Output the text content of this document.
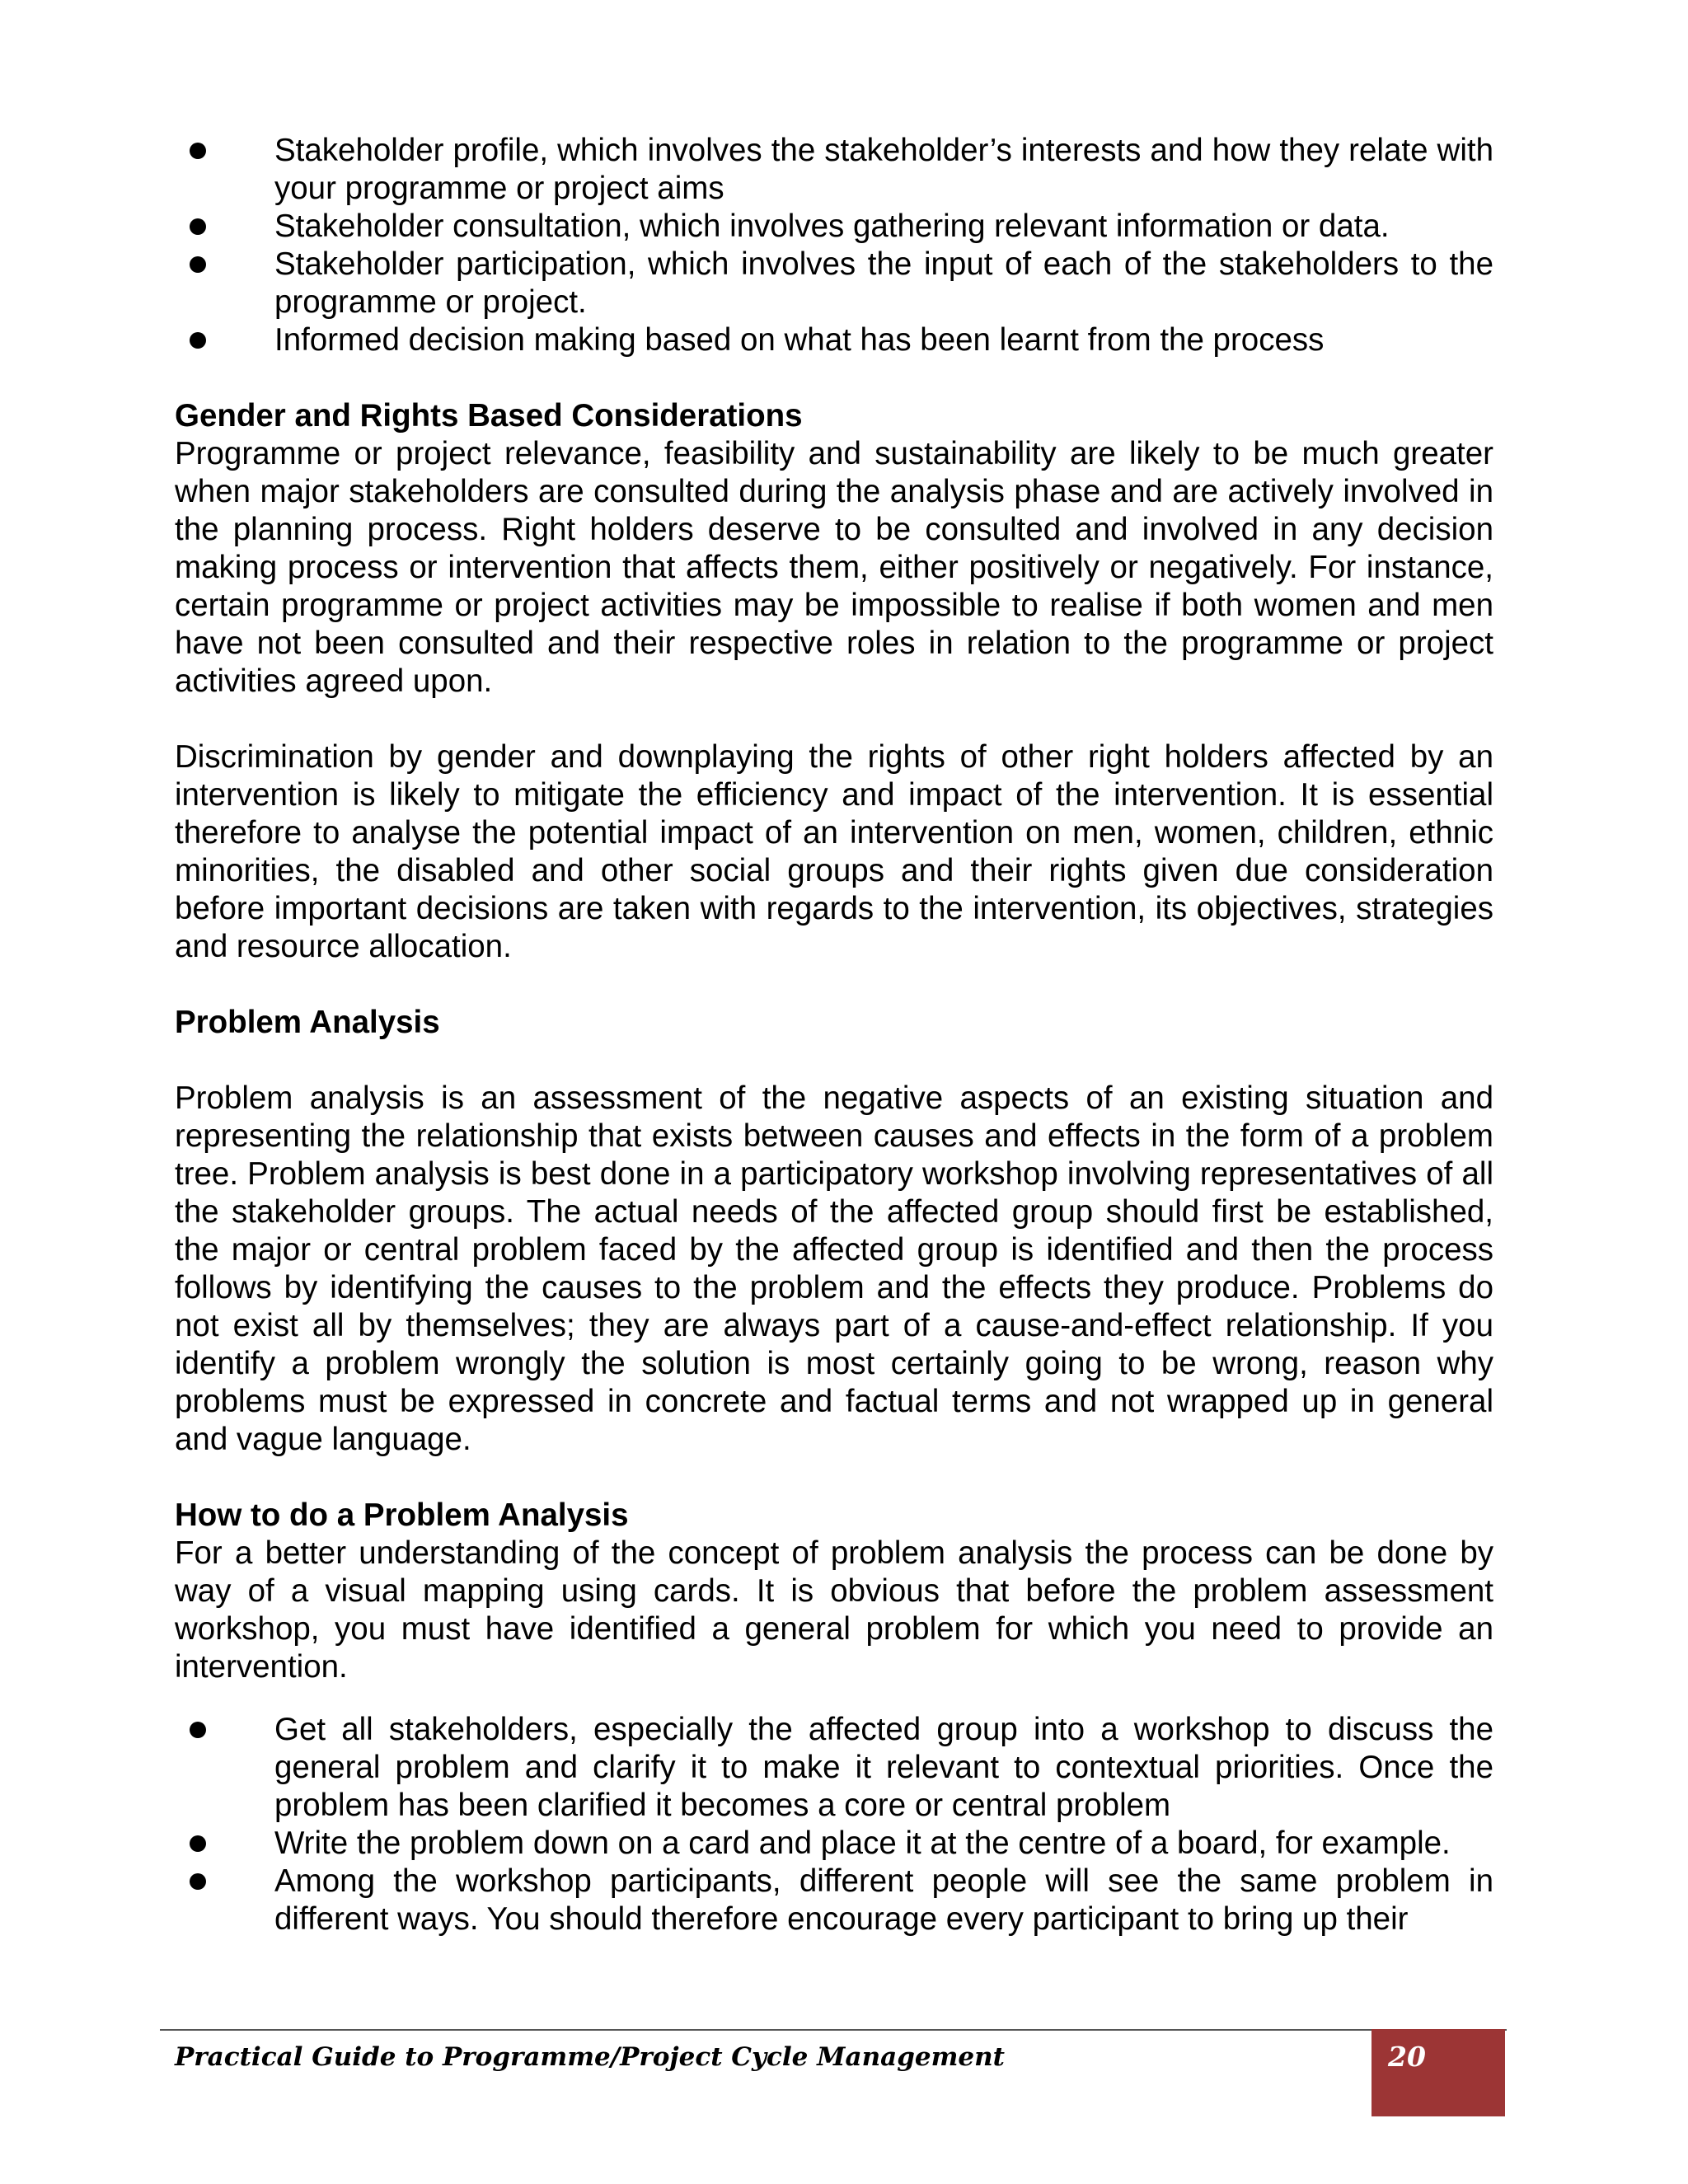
Stakeholder profile, which involves the stakeholder’s interests and how they relate with your programme or project aims
Stakeholder consultation, which involves gathering relevant information or data.
Stakeholder participation, which involves the input of each of the stakeholders to the programme or project.
Informed decision making based on what has been learnt from the process
Gender and Rights Based Considerations

Programme or project relevance, feasibility and sustainability are likely to be much greater when major stakeholders are consulted during the analysis phase and are actively involved in the planning process. Right holders deserve to be consulted and involved in any decision making process or intervention that affects them, either positively or negatively. For instance, certain programme or project activities may be impossible to realise if both women and men have not been consulted and their respective roles in relation to the programme or project activities agreed upon.

Discrimination by gender and downplaying the rights of other right holders affected by an intervention is likely to mitigate the efficiency and impact of the intervention. It is essential therefore to analyse the potential impact of an intervention on men, women, children, ethnic minorities, the disabled and other social groups and their rights given due consideration before important decisions are taken with regards to the intervention, its objectives, strategies and resource allocation.

Problem Analysis

Problem analysis is an assessment of the negative aspects of an existing situation and representing the relationship that exists between causes and effects in the form of a problem tree. Problem analysis is best done in a participatory workshop involving representatives of all the stakeholder groups. The actual needs of the affected group should first be established, the major or central problem faced by the affected group is identified and then the process follows by identifying the causes to the problem and the effects they produce. Problems do not exist all by themselves; they are always part of a cause-and-effect relationship. If you identify a problem wrongly the solution is most certainly going to be wrong, reason why problems must be expressed in concrete and factual terms and not wrapped up in general and vague language.

How to do a Problem Analysis

For a better understanding of the concept of problem analysis the process can be done by way of a visual mapping using cards. It is obvious that before the problem assessment workshop, you must have identified a general problem for which you need to provide an intervention.

Get all stakeholders, especially the affected group into a workshop to discuss the general problem and clarify it to make it relevant to contextual priorities. Once the problem has been clarified it becomes a core or central problem
Write the problem down on a card and place it at the centre of a board, for example.
Among the workshop participants, different people will see the same problem in different ways. You should therefore encourage every participant to bring up their
Practical Guide to Programme/Project Cycle Management	20
